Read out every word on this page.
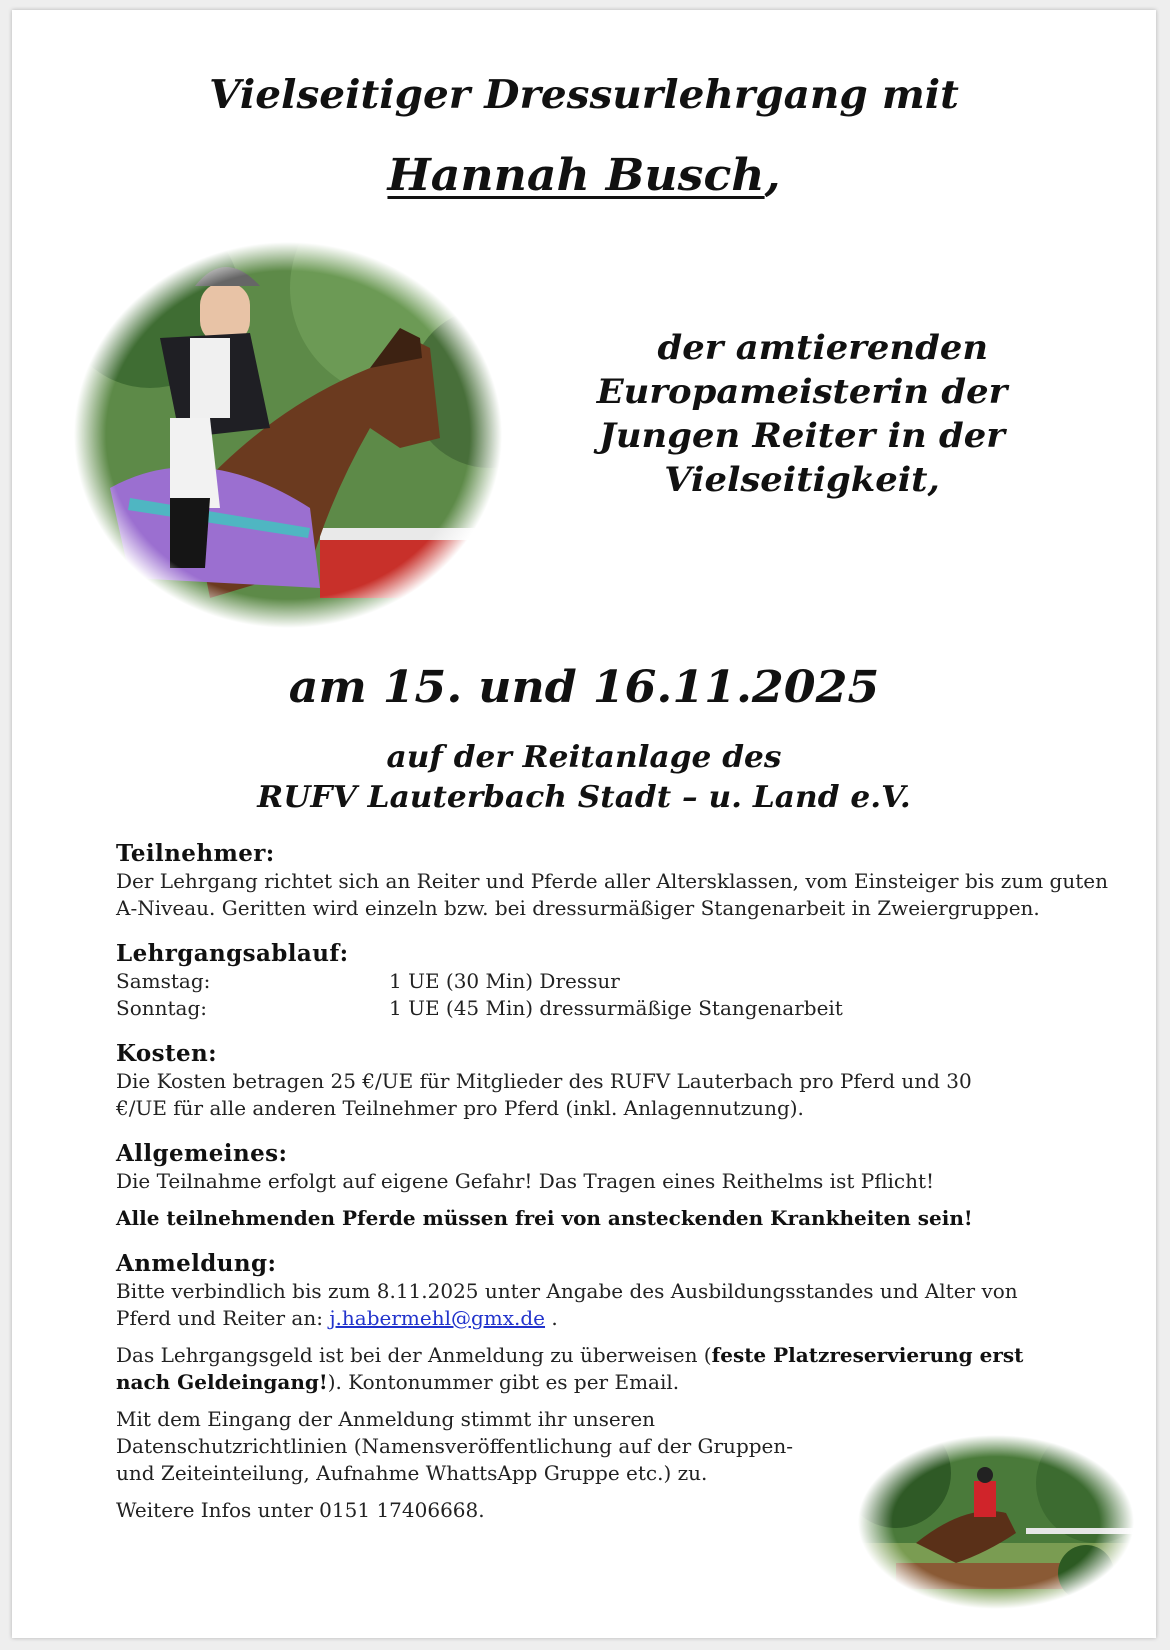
Vielseitiger Dressurlehrgang mit
Hannah Busch,
der amtierenden
Europameisterin der
Jungen Reiter in der
Vielseitigkeit,
am 15. und 16.11.2025
auf der Reitanlage des
RUFV Lauterbach Stadt – u. Land e.V.
Teilnehmer:

Der Lehrgang richtet sich an Reiter und Pferde aller Altersklassen, vom Einsteiger bis zum guten A-Niveau. Geritten wird einzeln bzw. bei dressurmäßiger Stangenarbeit in Zweiergruppen.

Lehrgangsablauf:
Samstag:	1 UE (30 Min) Dressur
Sonntag:	1 UE (45 Min) dressurmäßige Stangenarbeit
Kosten:

Die Kosten betragen 25 €/UE für Mitglieder des RUFV Lauterbach pro Pferd und 30 €/UE für alle anderen Teilnehmer pro Pferd (inkl. Anlagennutzung).

Allgemeines:

Die Teilnahme erfolgt auf eigene Gefahr! Das Tragen eines Reithelms ist Pflicht!

Alle teilnehmenden Pferde müssen frei von ansteckenden Krankheiten sein!

Anmeldung:

Bitte verbindlich bis zum 8.11.2025 unter Angabe des Ausbildungsstandes und Alter von Pferd und Reiter an: j.habermehl@gmx.de .

Das Lehrgangsgeld ist bei der Anmeldung zu überweisen (feste Platzreservierung erst nach Geldeingang!). Kontonummer gibt es per Email.

Mit dem Eingang der Anmeldung stimmt ihr unseren Datenschutzrichtlinien (Namensveröffentlichung auf der Gruppen- und Zeiteinteilung, Aufnahme WhattsApp Gruppe etc.) zu.

Weitere Infos unter 0151 17406668.
